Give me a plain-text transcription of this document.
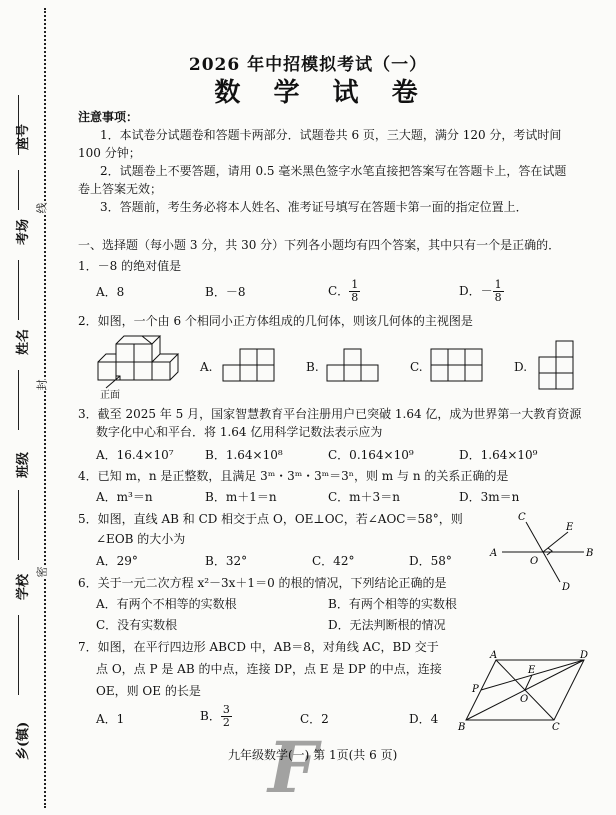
座号
考场
姓名
班级
学校
乡(镇)
线
封
密
2026 年中招模拟考试（一）
数 学 试 卷
注意事项：
1．本试卷分试题卷和答题卡两部分．试题卷共 6 页，三大题，满分 120 分，考试时间
100 分钟；
2．试题卷上不要答题，请用 0.5 毫米黑色签字水笔直接把答案写在答题卡上，答在试题
卷上答案无效；
3．答题前，考生务必将本人姓名、准考证号填写在答题卡第一面的指定位置上．
一、选择题（每小题 3 分，共 30 分）下列各小题均有四个答案，其中只有一个是正确的．
1．－8 的绝对值是
A．8	B．－8	C． $\frac{1}{8}$	D．－ $\frac{1}{8}$
2．如图，一个由 6 个相同小正方体组成的几何体，则该几何体的主视图是
正面
A.	B.	C.	D.
3．截至 2025 年 5 月，国家智慧教育平台注册用户已突破 1.64 亿，成为世界第一大教育资源
数字化中心和平台．将 1.64 亿用科学记数法表示应为
A．16.4×10⁷	B．1.64×10⁸	C．0.164×10⁹	D．1.64×10⁹
4．已知 m，n 是正整数，且满足 3ᵐ・3ᵐ・3ᵐ＝3ⁿ，则 m 与 n 的关系正确的是
A．m³＝n	B．m＋1＝n	C．m＋3＝n	D．3m＝n
5．如图，直线 AB 和 CD 相交于点 O，OE⊥OC，若∠AOC＝58°，则
∠EOB 的大小为
A．29°	B．32°	C．42°	D．58°
A	B
C
D
E
O
6．关于一元二次方程 x²－3x＋1＝0 的根的情况，下列结论正确的是
A．有两个不相等的实数根	B．有两个相等的实数根
C．没有实数根	D．无法判断根的情况
7．如图，在平行四边形 ABCD 中，AB＝8，对角线 AC，BD 交于
点 O，点 P 是 AB 的中点，连接 DP，点 E 是 DP 的中点，连接
OE，则 OE 的长是
A．1	B． $\frac{3}{2}$	C．2	D．4
A	D
B	C
P
E
O
F
九年级数学(一) 第 1页(共 6 页)
